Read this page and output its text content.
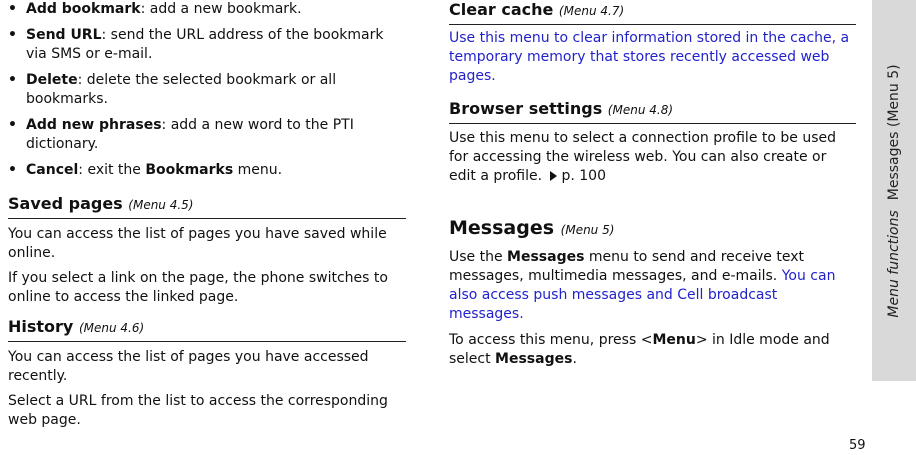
• Add bookmark: add a new bookmark.
• Send URL: send the URL address of the bookmark via SMS or e-mail.
• Delete: delete the selected bookmark or all bookmarks.
• Add new phrases: add a new word to the PTI dictionary.
• Cancel: exit the Bookmarks menu.
Saved pages (Menu 4.5)

You can access the list of pages you have saved while online.

If you select a link on the page, the phone switches to online to access the linked page.

History (Menu 4.6)

You can access the list of pages you have accessed recently.

Select a URL from the list to access the corresponding web page.

Clear cache (Menu 4.7)

Use this menu to clear information stored in the cache, a temporary memory that stores recently accessed web pages.

Browser settings (Menu 4.8)

Use this menu to select a connection profile to be used for accessing the wireless web. You can also create or edit a profile. p. 100

Messages (Menu 5)

Use the Messages menu to send and receive text messages, multimedia messages, and e-mails. You can also access push messages and Cell broadcast messages.

To access this menu, press <Menu> in Idle mode and select Messages.

Menu functionsMessages (Menu 5)
59
